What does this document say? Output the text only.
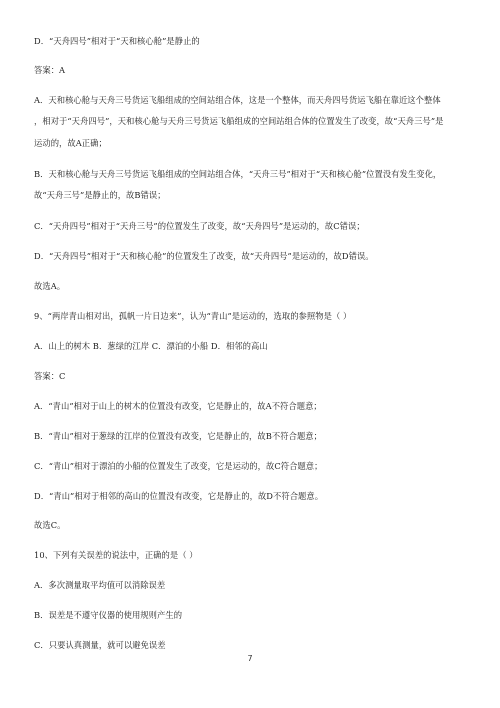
D．“天舟四号”相对于“天和核心舱”是静止的
答案：A
A．天和核心舱与天舟三号货运飞船组成的空间站组合体，这是一个整体，而天舟四号货运飞船在靠近这个整体
，相对于“天舟四号”，天和核心舱与天舟三号货运飞船组成的空间站组合体的位置发生了改变，故“天舟三号”是
运动的，故A正确；
B．天和核心舱与天舟三号货运飞船组成的空间站组合体，“天舟三号”相对于“天和核心舱”位置没有发生变化，
故“天舟三号”是静止的，故B错误；
C．“天舟四号”相对于“天舟三号”的位置发生了改变，故“天舟四号”是运动的，故C错误；
D．“天舟四号”相对于“天和核心舱”的位置发生了改变，故“天舟四号”是运动的，故D错误。
故选A。
9、“两岸青山相对出，孤帆一片日边来”，认为“青山”是运动的，选取的参照物是（ ）
A．山上的树木 B．葱绿的江岸 C．漂泊的小船 D．相邻的高山
答案：C
A．“青山”相对于山上的树木的位置没有改变，它是静止的，故A不符合题意；
B．“青山”相对于葱绿的江岸的位置没有改变，它是静止的，故B不符合题意；
C．“青山”相对于漂泊的小船的位置发生了改变，它是运动的，故C符合题意；
D．“青山”相对于相邻的高山的位置没有改变，它是静止的，故D不符合题意。
故选C。
10、下列有关误差的说法中，正确的是（ ）
A．多次测量取平均值可以消除误差
B．误差是不遵守仪器的使用规则产生的
C．只要认真测量，就可以避免误差
7
